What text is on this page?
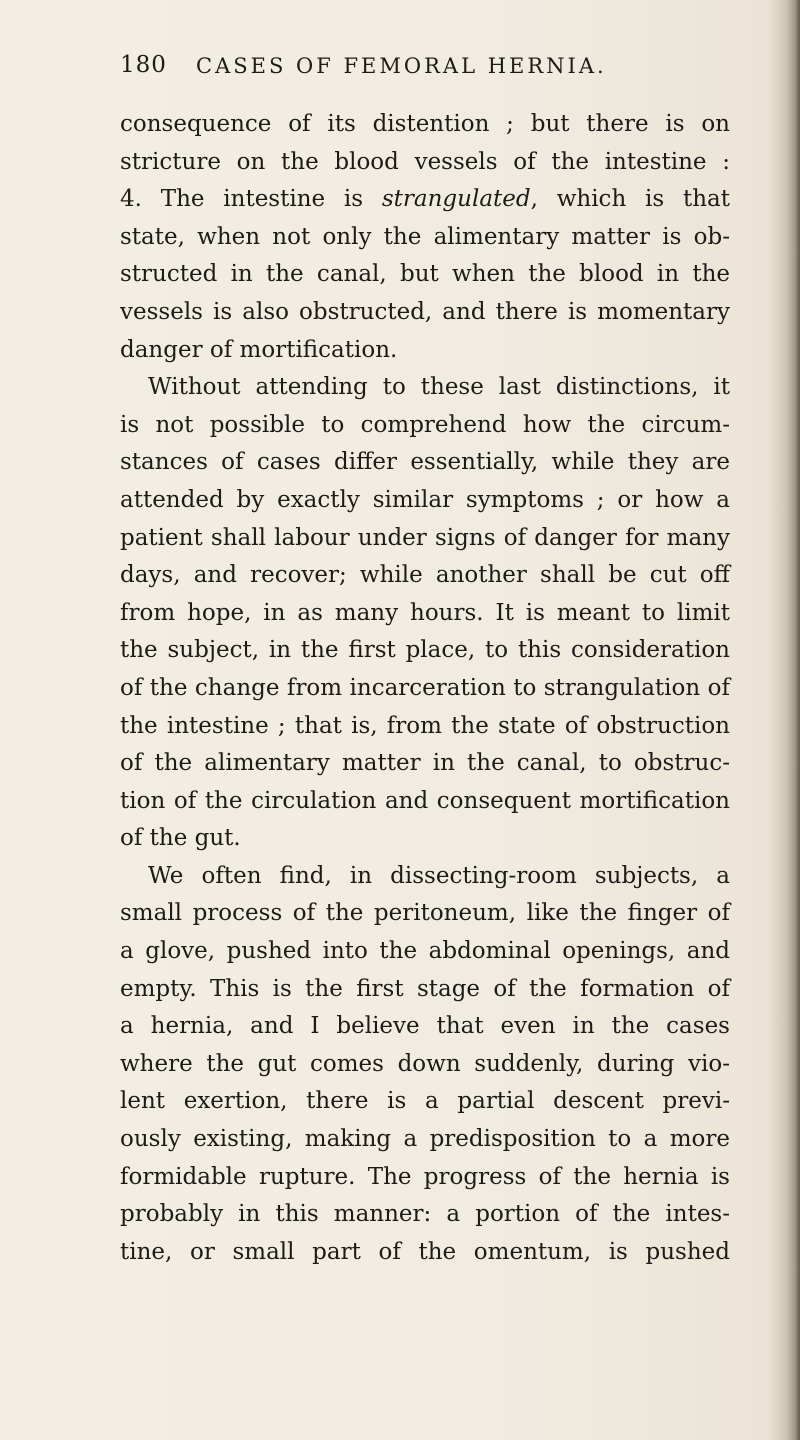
180 CASES OF FEMORAL HERNIA.
consequence of its distention ; but there is on
stricture on the blood vessels of the intestine :
4. The intestine is strangulated, which is that
state, when not only the alimentary matter is ob-
structed in the canal, but when the blood in the
vessels is also obstructed, and there is momentary
danger of mortification.
Without attending to these last distinctions, it
is not possible to comprehend how the circum-
stances of cases differ essentially, while they are
attended by exactly similar symptoms ; or how a
patient shall labour under signs of danger for many
days, and recover; while another shall be cut off
from hope, in as many hours. It is meant to limit
the subject, in the first place, to this consideration
of the change from incarceration to strangulation of
the intestine ; that is, from the state of obstruction
of the alimentary matter in the canal, to obstruc-
tion of the circulation and consequent mortification
of the gut.
We often find, in dissecting-room subjects, a
small process of the peritoneum, like the finger of
a glove, pushed into the abdominal openings, and
empty. This is the first stage of the formation of
a hernia, and I believe that even in the cases
where the gut comes down suddenly, during vio-
lent exertion, there is a partial descent previ-
ously existing, making a predisposition to a more
formidable rupture. The progress of the hernia is
probably in this manner: a portion of the intes-
tine, or small part of the omentum, is pushed
